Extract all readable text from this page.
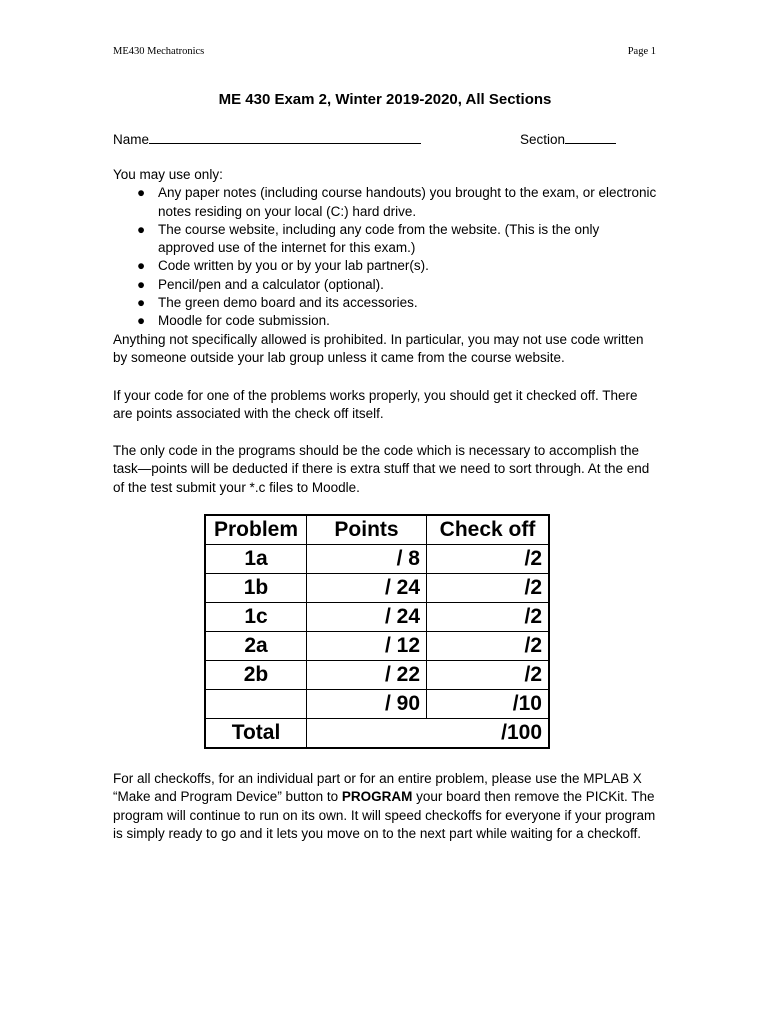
ME430 Mechatronics	Page 1
ME 430 Exam 2, Winter 2019-2020, All Sections
Name	Section
You may use only:
● Any paper notes (including course handouts) you brought to the exam, or electronic notes residing on your local (C:) hard drive.
● The course website, including any code from the website. (This is the only approved use of the internet for this exam.)
● Code written by you or by your lab partner(s).
● Pencil/pen and a calculator (optional).
● The green demo board and its accessories.
● Moodle for code submission.
Anything not specifically allowed is prohibited. In particular, you may not use code written by someone outside your lab group unless it came from the course website.
If your code for one of the problems works properly, you should get it checked off. There are points associated with the check off itself.
The only code in the programs should be the code which is necessary to accomplish the task—points will be deducted if there is extra stuff that we need to sort through. At the end of the test submit your *.c files to Moodle.
Problem	Points	Check off
1a	/ 8	/2
1b	/ 24	/2
1c	/ 24	/2
2a	/ 12	/2
2b	/ 22	/2
	/ 90	/10
Total	/100	
For all checkoffs, for an individual part or for an entire problem, please use the MPLAB X “Make and Program Device” button to PROGRAM your board then remove the PICKit. The program will continue to run on its own. It will speed checkoffs for everyone if your program is simply ready to go and it lets you move on to the next part while waiting for a checkoff.
